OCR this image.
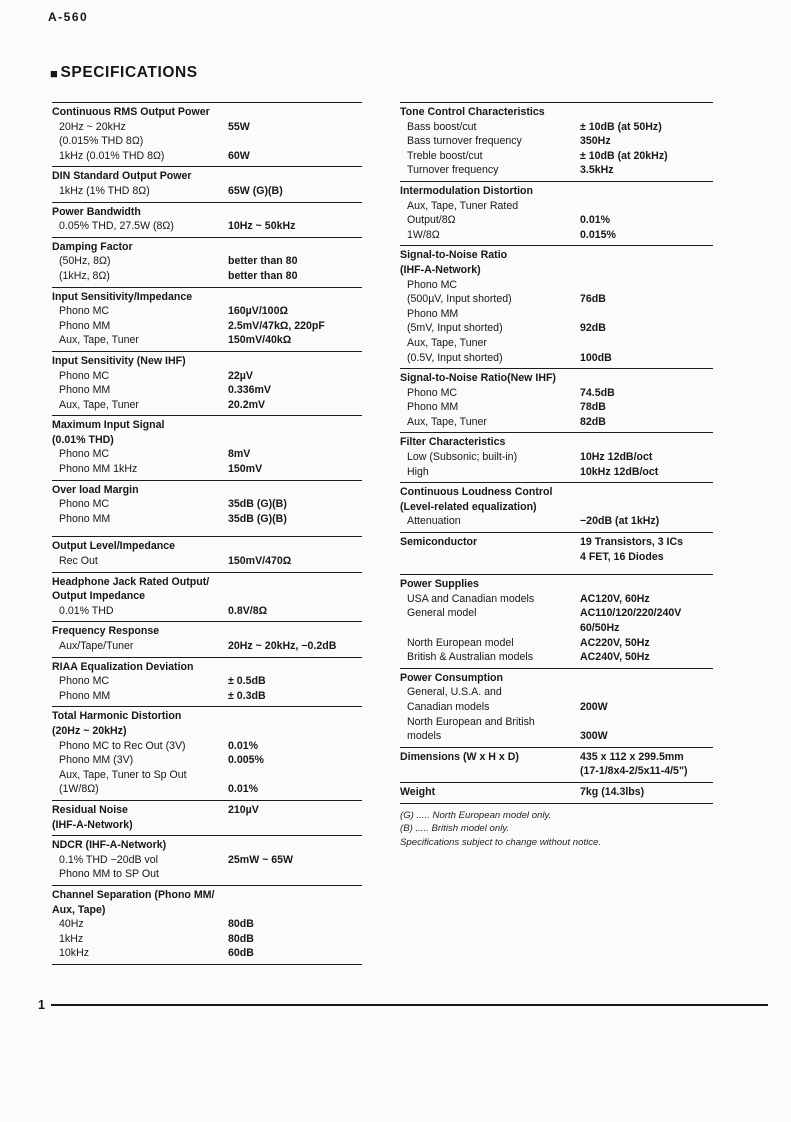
A-560
■ SPECIFICATIONS
Continuous RMS Output Power
20Hz ~ 20kHz	55W
(0.015% THD 8Ω)
1kHz (0.01% THD 8Ω)	60W
DIN Standard Output Power
1kHz (1% THD 8Ω)	65W (G)(B)
Power Bandwidth
0.05% THD, 27.5W (8Ω)	10Hz ~ 50kHz
Damping Factor
(50Hz, 8Ω)	better than 80
(1kHz, 8Ω)	better than 80
Input Sensitivity/Impedance
Phono MC	160µV/100Ω
Phono MM	2.5mV/47kΩ, 220pF
Aux, Tape, Tuner	150mV/40kΩ
Input Sensitivity (New IHF)
Phono MC	22µV
Phono MM	0.336mV
Aux, Tape, Tuner	20.2mV
Maximum Input Signal
(0.01% THD)
Phono MC	8mV
Phono MM 1kHz	150mV
Over load Margin
Phono MC	35dB (G)(B)
Phono MM	35dB (G)(B)
Output Level/Impedance
Rec Out	150mV/470Ω
Headphone Jack Rated Output/
Output Impedance
0.01% THD	0.8V/8Ω
Frequency Response
Aux/Tape/Tuner	20Hz ~ 20kHz, −0.2dB
RIAA Equalization Deviation
Phono MC	± 0.5dB
Phono MM	± 0.3dB
Total Harmonic Distortion
(20Hz ~ 20kHz)
Phono MC to Rec Out (3V)	0.01%
Phono MM (3V)	0.005%
Aux, Tape, Tuner to Sp Out
(1W/8Ω)	0.01%
Residual Noise	210µV
(IHF-A-Network)
NDCR (IHF-A-Network)
0.1% THD −20dB vol	25mW ~ 65W
Phono MM to SP Out
Channel Separation (Phono MM/
Aux, Tape)
40Hz	80dB
1kHz	80dB
10kHz	60dB
Tone Control Characteristics
Bass boost/cut	± 10dB (at 50Hz)
Bass turnover frequency	350Hz
Treble boost/cut	± 10dB (at 20kHz)
Turnover frequency	3.5kHz
Intermodulation Distortion
Aux, Tape, Tuner Rated
Output/8Ω	0.01%
1W/8Ω	0.015%
Signal-to-Noise Ratio
(IHF-A-Network)
Phono MC
(500µV, Input shorted)	76dB
Phono MM
(5mV, Input shorted)	92dB
Aux, Tape, Tuner
(0.5V, Input shorted)	100dB
Signal-to-Noise Ratio(New IHF)
Phono MC	74.5dB
Phono MM	78dB
Aux, Tape, Tuner	82dB
Filter Characteristics
Low (Subsonic; built-in)	10Hz 12dB/oct
High	10kHz 12dB/oct
Continuous Loudness Control
(Level-related equalization)
Attenuation	−20dB (at 1kHz)
Semiconductor	19 Transistors, 3 ICs
4 FET, 16 Diodes
Power Supplies
USA and Canadian models	AC120V, 60Hz
General model	AC110/120/220/240V
60/50Hz
North European model	AC220V, 50Hz
British & Australian models	AC240V, 50Hz
Power Consumption
General, U.S.A. and
Canadian models	200W
North European and British
models	300W
Dimensions (W x H x D)	435 x 112 x 299.5mm
(17-1/8x4-2/5x11-4/5")
Weight	7kg (14.3lbs)
(G) ..... North European model only.
(B) ..... British model only.
Specifications subject to change without notice.
1
